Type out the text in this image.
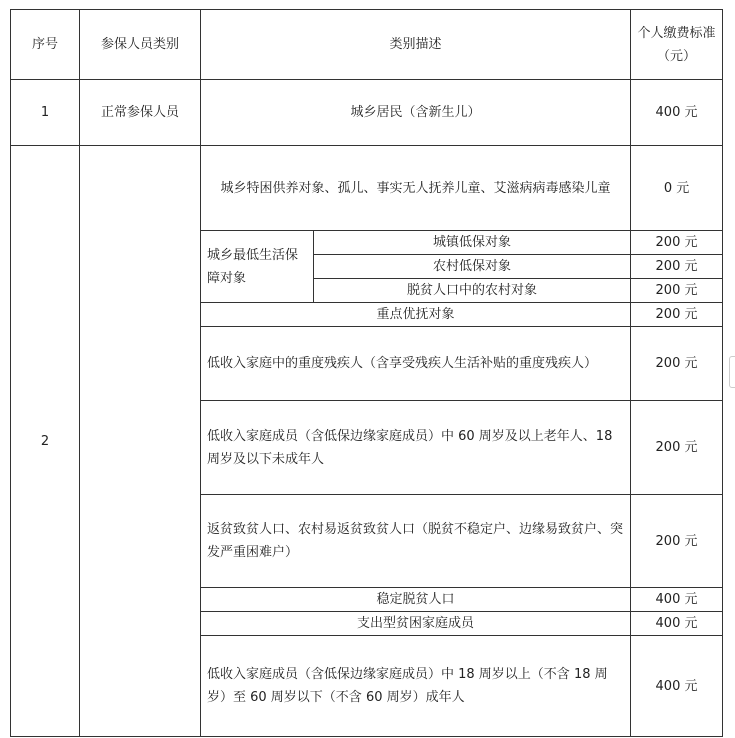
序号	参保人员类别	类别描述		个人缴费标准（元）
1	正常参保人员	城乡居民（含新生儿）		400 元
2		城乡特困供养对象、孤儿、事实无人抚养儿童、艾滋病病毒感染儿童		0 元
		城乡最低生活保障对象	城镇低保对象	200 元
			农村低保对象	200 元
			脱贫人口中的农村对象	200 元
		重点优抚对象		200 元
		低收入家庭中的重度残疾人（含享受残疾人生活补贴的重度残疾人）		200 元
		低收入家庭成员（含低保边缘家庭成员）中 60 周岁及以上老年人、18 周岁及以下未成年人		200 元
		返贫致贫人口、农村易返贫致贫人口（脱贫不稳定户、边缘易致贫户、突发严重困难户）		200 元
		稳定脱贫人口		400 元
		支出型贫困家庭成员		400 元
		低收入家庭成员（含低保边缘家庭成员）中 18 周岁以上（不含 18 周岁）至 60 周岁以下（不含 60 周岁）成年人		400 元
